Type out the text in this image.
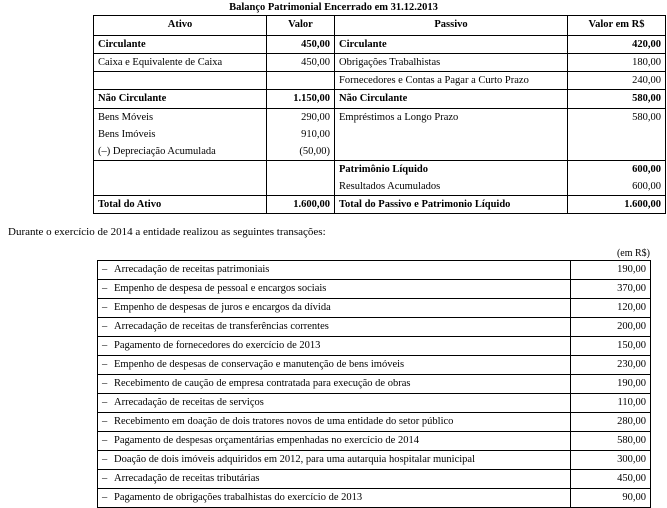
Balanço Patrimonial Encerrado em 31.12.2013
Ativo	Valor	Passivo	Valor em R$
Circulante	450,00	Circulante	420,00
Caixa e Equivalente de Caixa	450,00	Obrigações Trabalhistas	180,00
		Fornecedores e Contas a Pagar a Curto Prazo	240,00
Não Circulante	1.150,00	Não Circulante	580,00
Bens Móveis	290,00	Empréstimos a Longo Prazo	580,00
Bens Imóveis	910,00		
(–) Depreciação Acumulada	(50,00)		
		Patrimônio Líquido	600,00
		Resultados Acumulados	600,00
Total do Ativo	1.600,00	Total do Passivo e Patrimonio Líquido	1.600,00
Durante o exercício de 2014 a entidade realizou as seguintes transações:
(em R$)
– Arrecadação de receitas patrimoniais	190,00
– Empenho de despesa de pessoal e encargos sociais	370,00
– Empenho de despesas de juros e encargos da dívida	120,00
– Arrecadação de receitas de transferências correntes	200,00
– Pagamento de fornecedores do exercício de 2013	150,00
– Empenho de despesas de conservação e manutenção de bens imóveis	230,00
– Recebimento de caução de empresa contratada para execução de obras	190,00
– Arrecadação de receitas de serviços	110,00
– Recebimento em doação de dois tratores novos de uma entidade do setor público	280,00
– Pagamento de despesas orçamentárias empenhadas no exercício de 2014	580,00
– Doação de dois imóveis adquiridos em 2012, para uma autarquia hospitalar municipal	300,00
– Arrecadação de receitas tributárias	450,00
– Pagamento de obrigações trabalhistas do exercício de 2013	90,00
